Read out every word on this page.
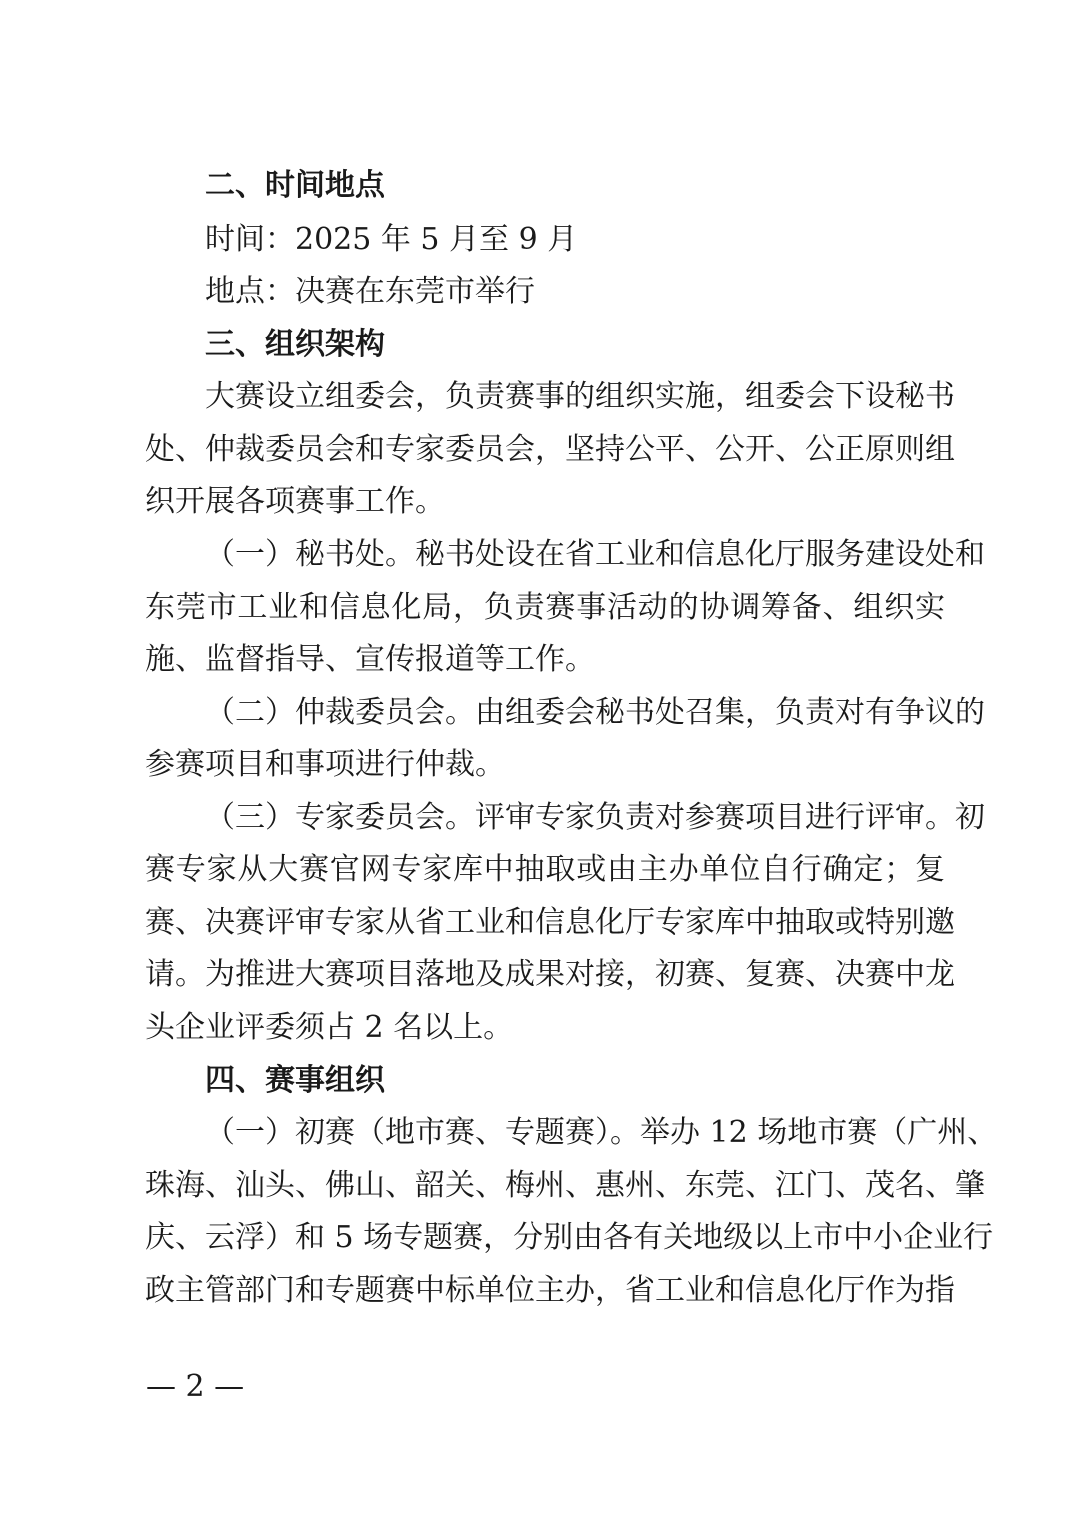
二、时间地点
时间：2025 年 5 月至 9 月
地点：决赛在东莞市举行
三、组织架构
大赛设立组委会，负责赛事的组织实施，组委会下设秘书
处、仲裁委员会和专家委员会，坚持公平、公开、公正原则组
织开展各项赛事工作。
（一）秘书处。秘书处设在省工业和信息化厅服务建设处和
东莞市工业和信息化局，负责赛事活动的协调筹备、组织实
施、监督指导、宣传报道等工作。
（二）仲裁委员会。由组委会秘书处召集，负责对有争议的
参赛项目和事项进行仲裁。
（三）专家委员会。评审专家负责对参赛项目进行评审。初
赛专家从大赛官网专家库中抽取或由主办单位自行确定；复
赛、决赛评审专家从省工业和信息化厅专家库中抽取或特别邀
请。为推进大赛项目落地及成果对接，初赛、复赛、决赛中龙
头企业评委须占 2 名以上。
四、赛事组织
（一）初赛（地市赛、专题赛）。举办 12 场地市赛（广州、
珠海、汕头、佛山、韶关、梅州、惠州、东莞、江门、茂名、肇
庆、云浮）和 5 场专题赛，分别由各有关地级以上市中小企业行
政主管部门和专题赛中标单位主办，省工业和信息化厅作为指
— 2 —
